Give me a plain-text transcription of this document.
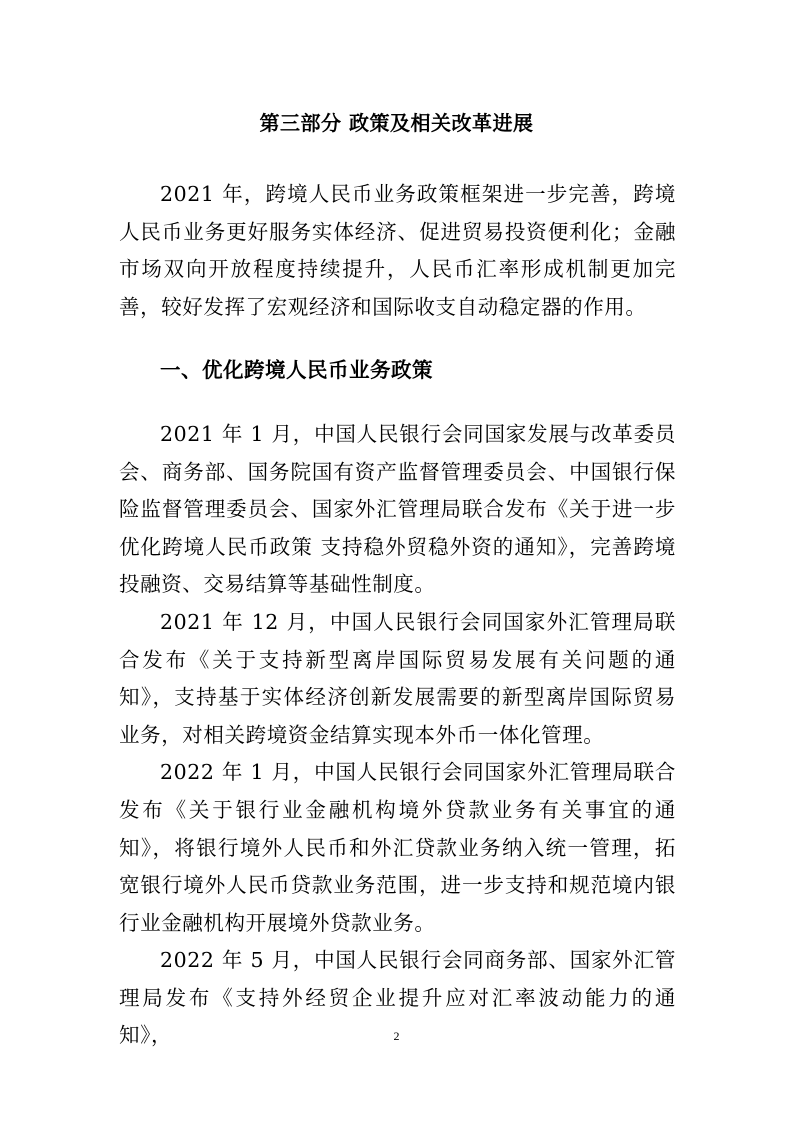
第三部分 政策及相关改革进展

2021 年，跨境人民币业务政策框架进一步完善，跨境人民币业务更好服务实体经济、促进贸易投资便利化；金融市场双向开放程度持续提升，人民币汇率形成机制更加完善，较好发挥了宏观经济和国际收支自动稳定器的作用。

一、优化跨境人民币业务政策

2021 年 1 月，中国人民银行会同国家发展与改革委员会、商务部、国务院国有资产监督管理委员会、中国银行保险监督管理委员会、国家外汇管理局联合发布《关于进一步优化跨境人民币政策 支持稳外贸稳外资的通知》，完善跨境投融资、交易结算等基础性制度。

2021 年 12 月，中国人民银行会同国家外汇管理局联合发布《关于支持新型离岸国际贸易发展有关问题的通知》，支持基于实体经济创新发展需要的新型离岸国际贸易业务，对相关跨境资金结算实现本外币一体化管理。

2022 年 1 月，中国人民银行会同国家外汇管理局联合发布《关于银行业金融机构境外贷款业务有关事宜的通知》，将银行境外人民币和外汇贷款业务纳入统一管理，拓宽银行境外人民币贷款业务范围，进一步支持和规范境内银行业金融机构开展境外贷款业务。

2022 年 5 月，中国人民银行会同商务部、国家外汇管理局发布《支持外经贸企业提升应对汇率波动能力的通知》，	2
